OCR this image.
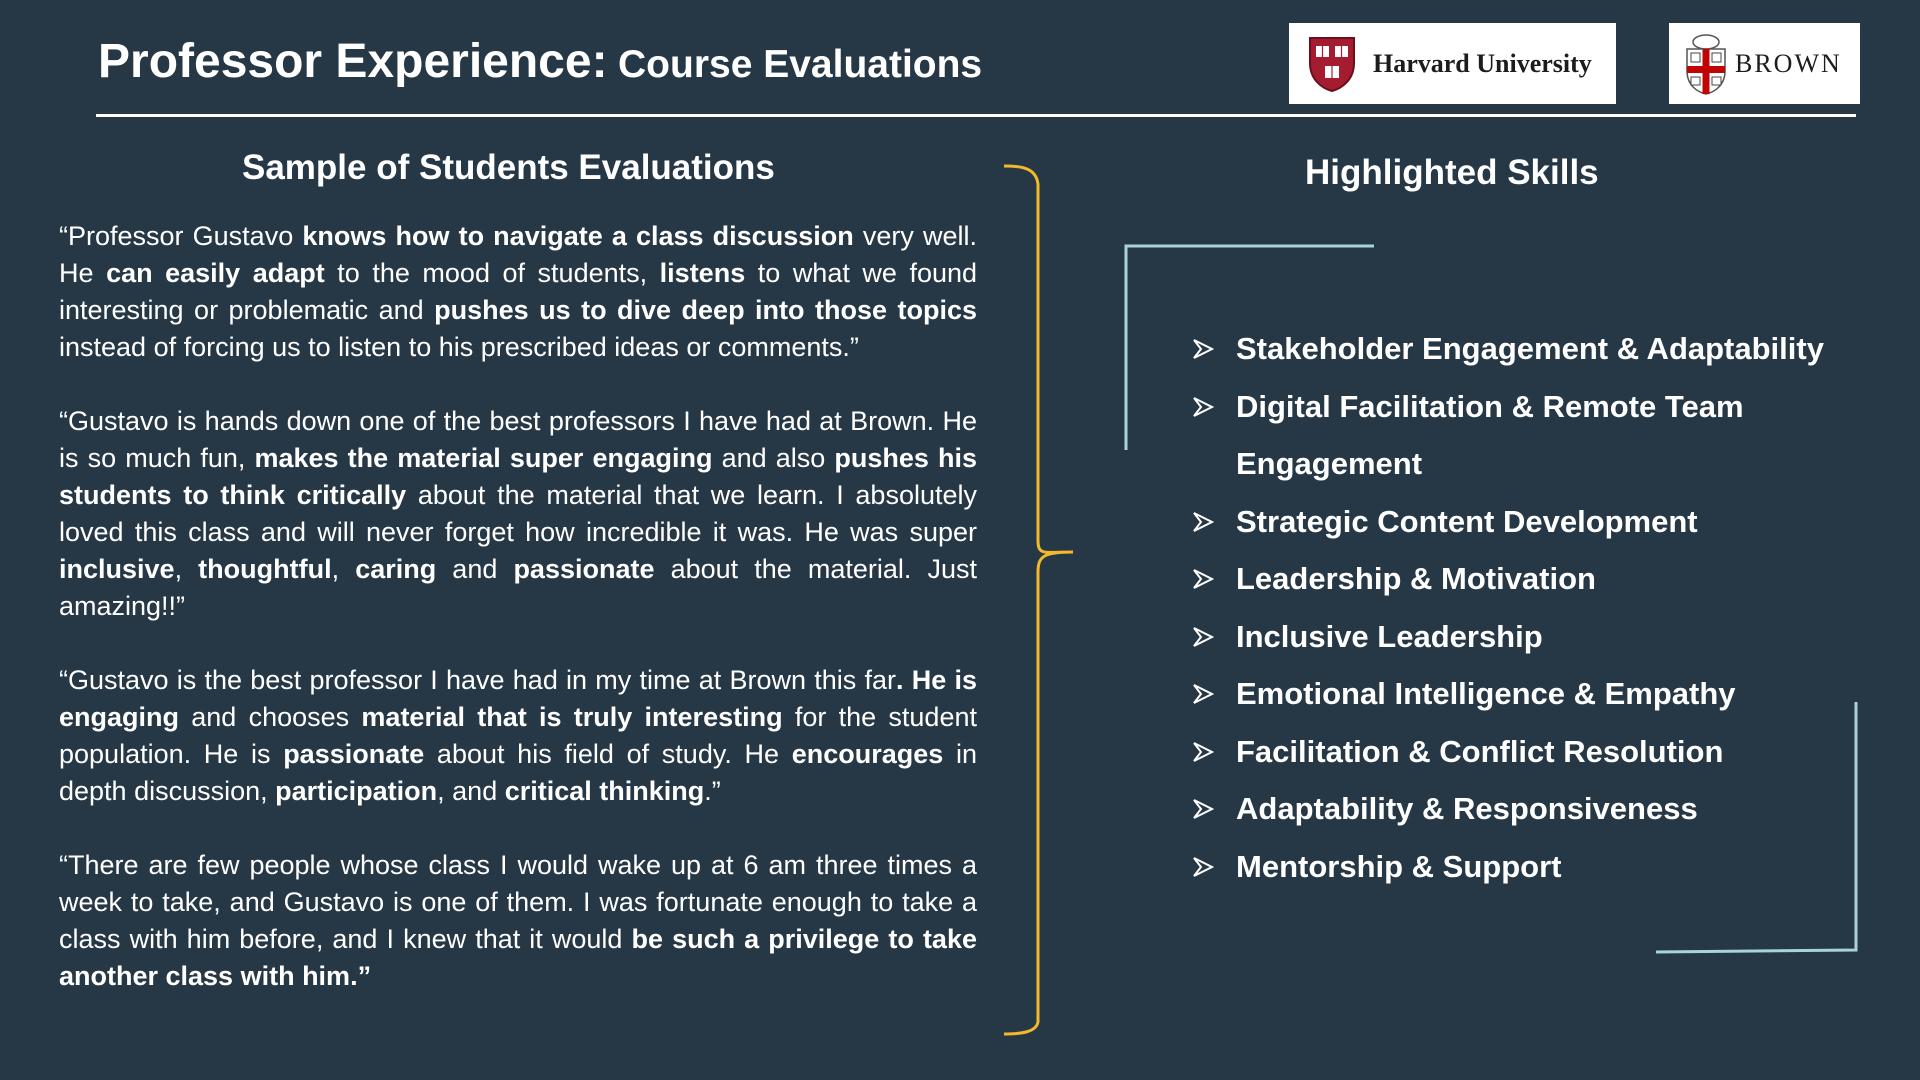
Professor Experience: Course Evaluations	Harvard University	BROWN
Sample of Students Evaluations

“Professor Gustavo knows how to navigate a class discussion very well. He can easily adapt to the mood of students, listens to what we found interesting or problematic and pushes us to dive deep into those topics instead of forcing us to listen to his prescribed ideas or comments.”

“Gustavo is hands down one of the best professors I have had at Brown. He is so much fun, makes the material super engaging and also pushes his students to think critically about the material that we learn. I absolutely loved this class and will never forget how incredible it was. He was super inclusive, thoughtful, caring and passionate about the material. Just amazing!!”

“Gustavo is the best professor I have had in my time at Brown this far. He is engaging and chooses material that is truly interesting for the student population. He is passionate about his field of study. He encourages in depth discussion, participation, and critical thinking.”

“There are few people whose class I would wake up at 6 am three times a week to take, and Gustavo is one of them. I was fortunate enough to take a class with him before, and I knew that it would be such a privilege to take another class with him.”

Highlighted Skills
Stakeholder Engagement & Adaptability
Digital Facilitation & Remote Team Engagement
Strategic Content Development
Leadership & Motivation
Inclusive Leadership
Emotional Intelligence & Empathy
Facilitation & Conflict Resolution
Adaptability & Responsiveness
Mentorship & Support
